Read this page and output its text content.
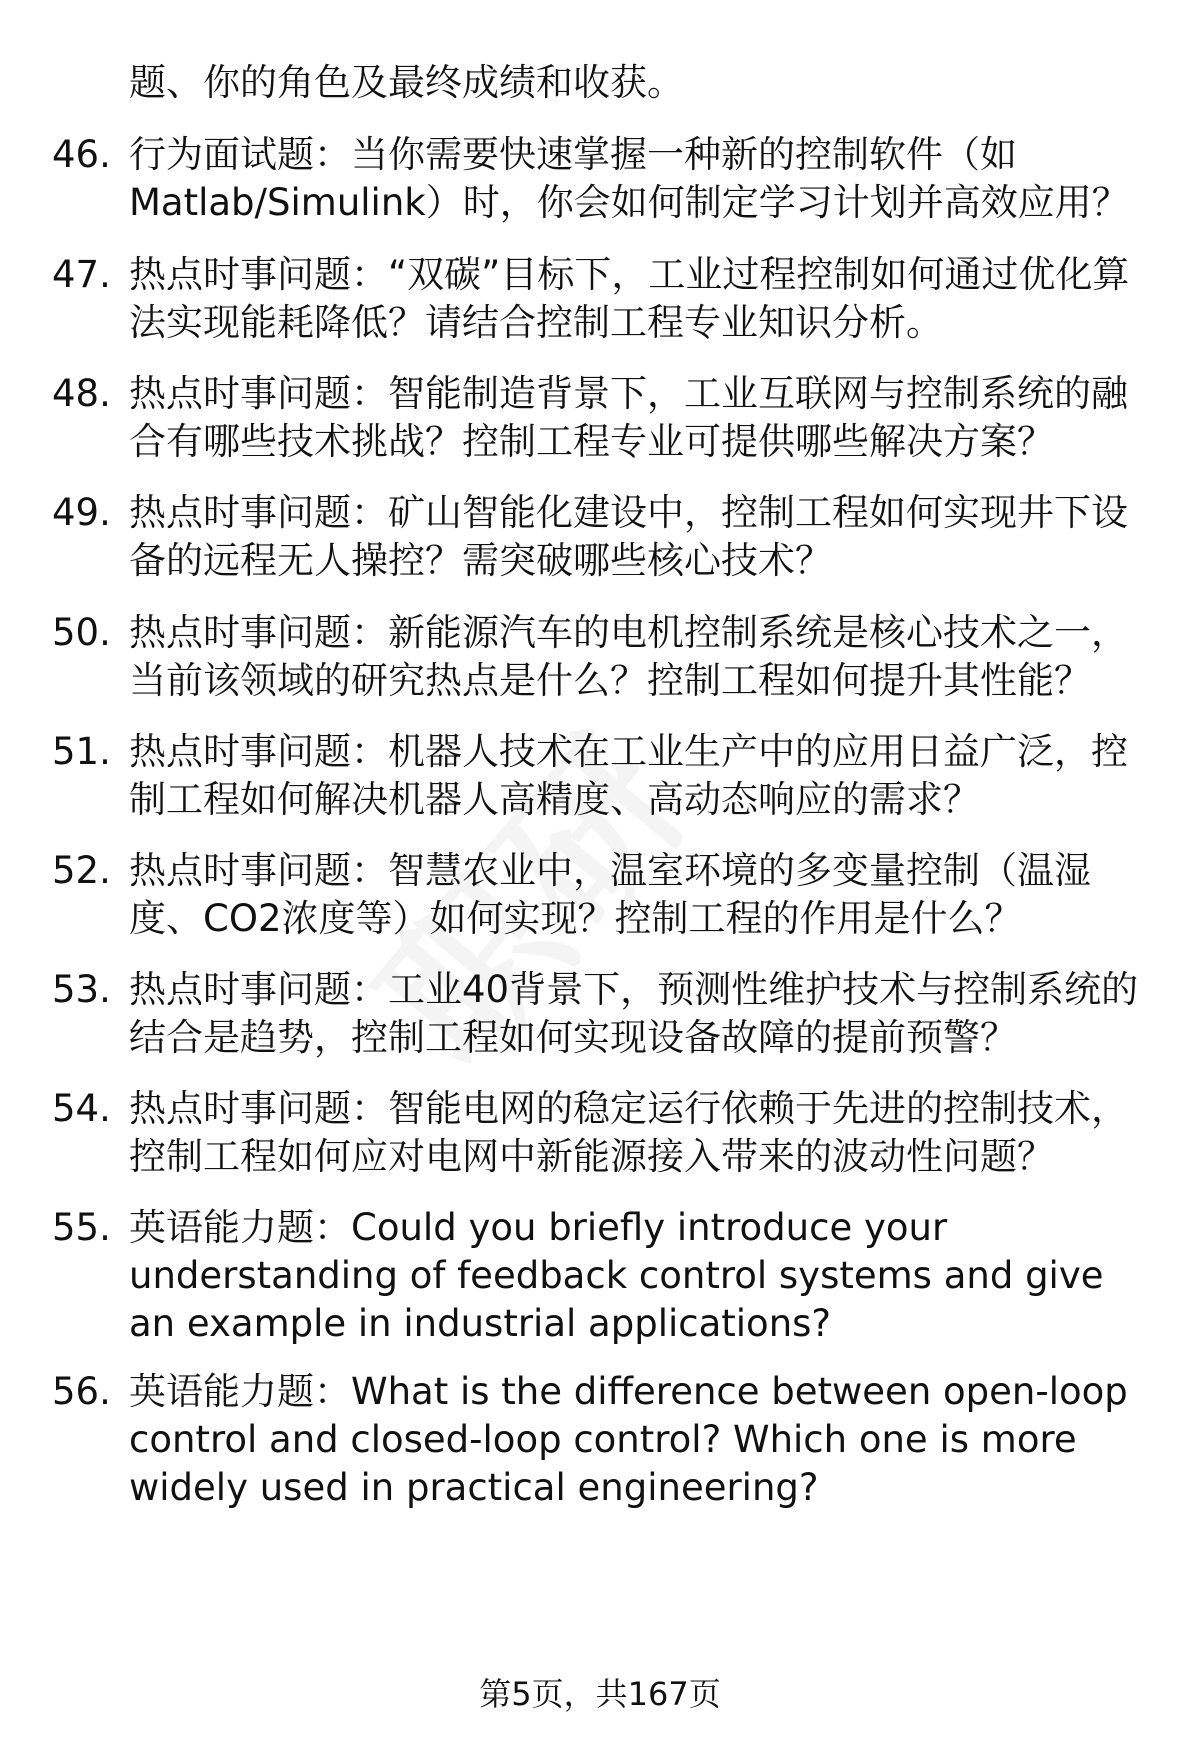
题、你的角色及最终成绩和收获。

46. 行为面试题：当你需要快速掌握一种新的控制软件（如Matlab/Simulink）时，你会如何制定学习计划并高效应用？
47. 热点时事问题：“双碳”目标下，工业过程控制如何通过优化算法实现能耗降低？请结合控制工程专业知识分析。
48. 热点时事问题：智能制造背景下，工业互联网与控制系统的融合有哪些技术挑战？控制工程专业可提供哪些解决方案？
49. 热点时事问题：矿山智能化建设中，控制工程如何实现井下设备的远程无人操控？需突破哪些核心技术？
50. 热点时事问题：新能源汽车的电机控制系统是核心技术之一，当前该领域的研究热点是什么？控制工程如何提升其性能？
51. 热点时事问题：机器人技术在工业生产中的应用日益广泛，控制工程如何解决机器人高精度、高动态响应的需求？
52. 热点时事问题：智慧农业中，温室环境的多变量控制（温湿度、CO2浓度等）如何实现？控制工程的作用是什么？
53. 热点时事问题：工业40背景下，预测性维护技术与控制系统的结合是趋势，控制工程如何实现设备故障的提前预警？
54. 热点时事问题：智能电网的稳定运行依赖于先进的控制技术，控制工程如何应对电网中新能源接入带来的波动性问题？
55. 英语能力题：Could you briefly introduce your understanding of feedback control systems and give an example in industrial applications?
56. 英语能力题：What is the difference between open-loop control and closed-loop control? Which one is more widely used in practical engineering?
第5页，共167页
